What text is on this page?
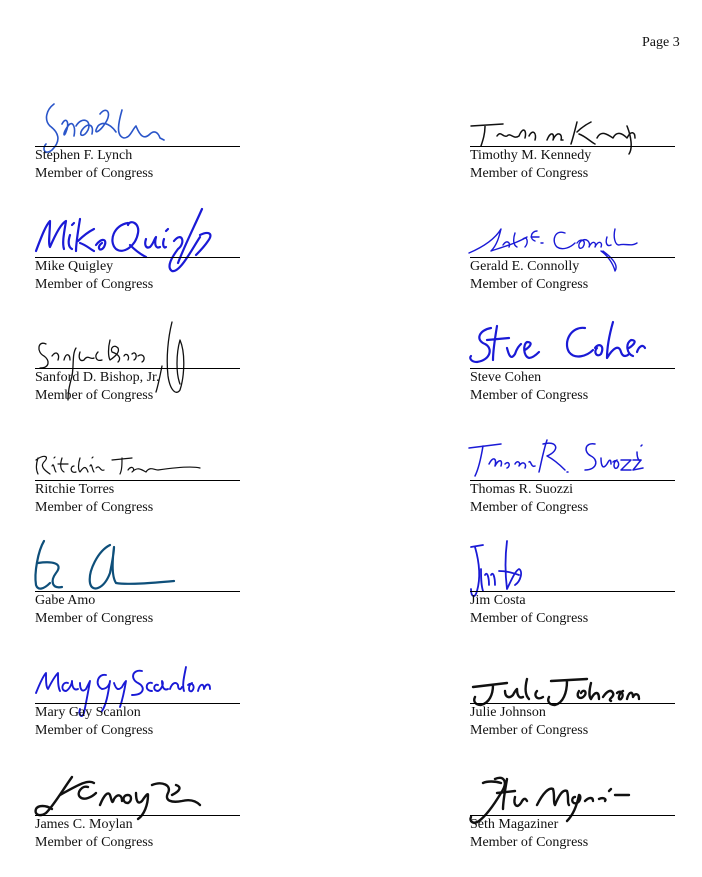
Page 3
Stephen F. Lynch
Member of Congress
Timothy M. Kennedy
Member of Congress
Mike Quigley
Member of Congress
Gerald E. Connolly
Member of Congress
Sanford D. Bishop, Jr.
Member of Congress
Steve Cohen
Member of Congress
Ritchie Torres
Member of Congress
Thomas R. Suozzi
Member of Congress
Gabe Amo
Member of Congress
Jim Costa
Member of Congress
Mary Gay Scanlon
Member of Congress
Julie Johnson
Member of Congress
James C. Moylan
Member of Congress
Seth Magaziner
Member of Congress
